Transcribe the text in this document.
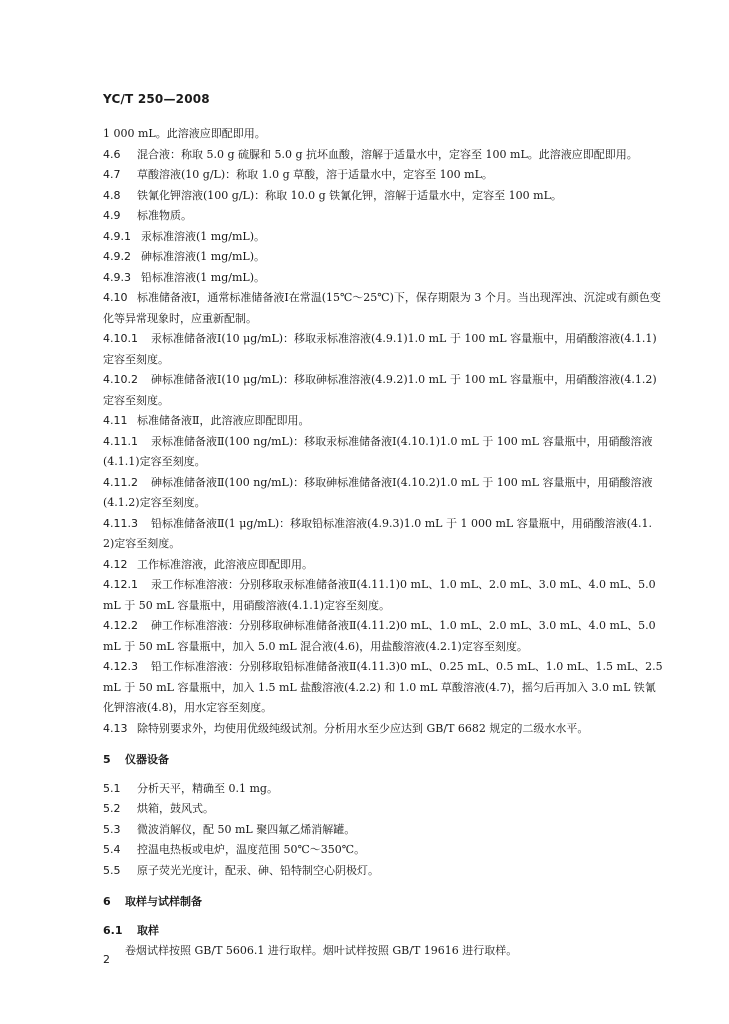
YC/T 250—2008

1 000 mL。此溶液应即配即用。

4.6 混合液：称取 5.0 g 硫脲和 5.0 g 抗坏血酸，溶解于适量水中，定容至 100 mL。此溶液应即配即用。

4.7 草酸溶液(10 g/L)：称取 1.0 g 草酸，溶于适量水中，定容至 100 mL。

4.8 铁氰化钾溶液(100 g/L)：称取 10.0 g 铁氰化钾，溶解于适量水中，定容至 100 mL。

4.9 标准物质。

4.9.1 汞标准溶液(1 mg/mL)。

4.9.2 砷标准溶液(1 mg/mL)。

4.9.3 铅标准溶液(1 mg/mL)。

4.10 标准储备液Ⅰ，通常标准储备液Ⅰ在常温(15℃～25℃)下，保存期限为 3 个月。当出现浑浊、沉淀或有颜色变化等异常现象时，应重新配制。

4.10.1 汞标准储备液Ⅰ(10 μg/mL)：移取汞标准溶液(4.9.1)1.0 mL 于 100 mL 容量瓶中，用硝酸溶液(4.1.1)定容至刻度。

4.10.2 砷标准储备液Ⅰ(10 μg/mL)：移取砷标准溶液(4.9.2)1.0 mL 于 100 mL 容量瓶中，用硝酸溶液(4.1.2)定容至刻度。

4.11 标准储备液Ⅱ，此溶液应即配即用。

4.11.1 汞标准储备液Ⅱ(100 ng/mL)：移取汞标准储备液Ⅰ(4.10.1)1.0 mL 于 100 mL 容量瓶中，用硝酸溶液(4.1.1)定容至刻度。

4.11.2 砷标准储备液Ⅱ(100 ng/mL)：移取砷标准储备液Ⅰ(4.10.2)1.0 mL 于 100 mL 容量瓶中，用硝酸溶液(4.1.2)定容至刻度。

4.11.3 铅标准储备液Ⅱ(1 μg/mL)：移取铅标准溶液(4.9.3)1.0 mL 于 1 000 mL 容量瓶中，用硝酸溶液(4.1.2)定容至刻度。

4.12 工作标准溶液，此溶液应即配即用。

4.12.1 汞工作标准溶液：分别移取汞标准储备液Ⅱ(4.11.1)0 mL、1.0 mL、2.0 mL、3.0 mL、4.0 mL、5.0 mL 于 50 mL 容量瓶中，用硝酸溶液(4.1.1)定容至刻度。

4.12.2 砷工作标准溶液：分别移取砷标准储备液Ⅱ(4.11.2)0 mL、1.0 mL、2.0 mL、3.0 mL、4.0 mL、5.0 mL 于 50 mL 容量瓶中，加入 5.0 mL 混合液(4.6)，用盐酸溶液(4.2.1)定容至刻度。

4.12.3 铅工作标准溶液：分别移取铅标准储备液Ⅱ(4.11.3)0 mL、0.25 mL、0.5 mL、1.0 mL、1.5 mL、2.5 mL 于 50 mL 容量瓶中，加入 1.5 mL 盐酸溶液(4.2.2) 和 1.0 mL 草酸溶液(4.7)，摇匀后再加入 3.0 mL 铁氰化钾溶液(4.8)，用水定容至刻度。

4.13 除特别要求外，均使用优级纯级试剂。分析用水至少应达到 GB/T 6682 规定的二级水水平。

5 仪器设备

5.1 分析天平，精确至 0.1 mg。

5.2 烘箱，鼓风式。

5.3 微波消解仪，配 50 mL 聚四氟乙烯消解罐。

5.4 控温电热板或电炉，温度范围 50℃～350℃。

5.5 原子荧光光度计，配汞、砷、铅特制空心阴极灯。

6 取样与试样制备

6.1 取样

卷烟试样按照 GB/T 5606.1 进行取样。烟叶试样按照 GB/T 19616 进行取样。

2
